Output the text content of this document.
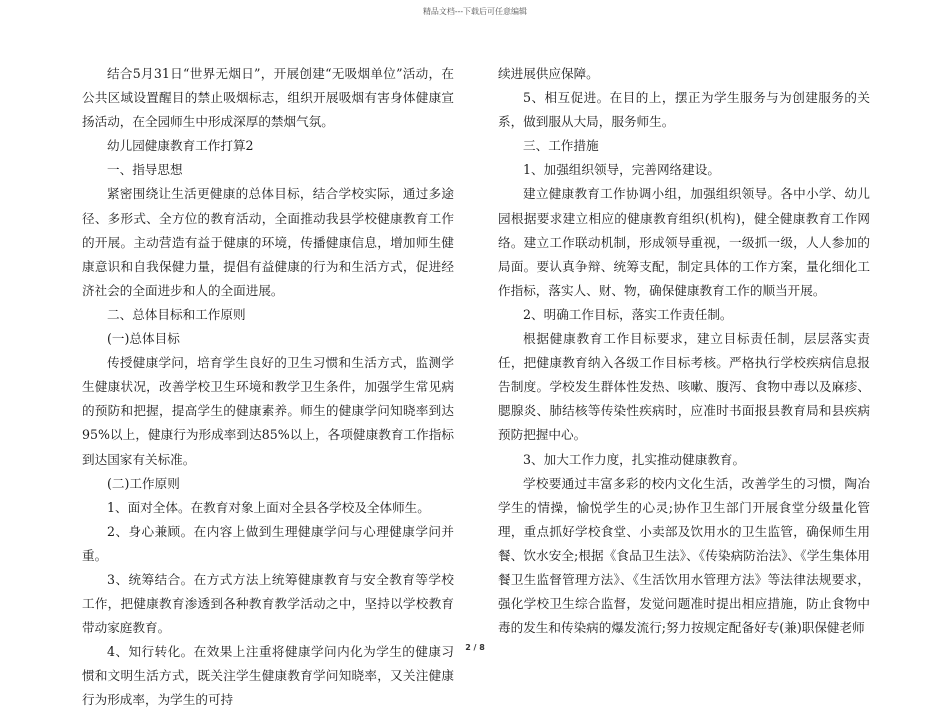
精品文档---下载后可任意编辑

结合5月31日“世界无烟日”，开展创建“无吸烟单位”活动，在公共区域设置醒目的禁止吸烟标志，组织开展吸烟有害身体健康宣扬活动，在全园师生中形成深厚的禁烟气氛。

幼儿园健康教育工作打算2

一、指导思想

紧密围绕让生活更健康的总体目标，结合学校实际，通过多途径、多形式、全方位的教育活动，全面推动我县学校健康教育工作的开展。主动营造有益于健康的环境，传播健康信息，增加师生健康意识和自我保健力量，提倡有益健康的行为和生活方式，促进经济社会的全面进步和人的全面进展。

二、总体目标和工作原则

(一)总体目标

传授健康学问，培育学生良好的卫生习惯和生活方式，监测学生健康状况，改善学校卫生环境和教学卫生条件，加强学生常见病的预防和把握，提高学生的健康素养。师生的健康学问知晓率到达95%以上，健康行为形成率到达85%以上，各项健康教育工作指标到达国家有关标准。

(二)工作原则

1、面对全体。在教育对象上面对全县各学校及全体师生。

2、身心兼顾。在内容上做到生理健康学问与心理健康学问并重。

3、统筹结合。在方式方法上统筹健康教育与安全教育等学校工作，把健康教育渗透到各种教育教学活动之中，坚持以学校教育带动家庭教育。

4、知行转化。在效果上注重将健康学问内化为学生的健康习惯和文明生活方式，既关注学生健康教育学问知晓率，又关注健康行为形成率，为学生的可持

续进展供应保障。

5、相互促进。在目的上，摆正为学生服务与为创建服务的关系，做到服从大局，服务师生。

三、工作措施

1、加强组织领导，完善网络建设。

建立健康教育工作协调小组，加强组织领导。各中小学、幼儿园根据要求建立相应的健康教育组织(机构)，健全健康教育工作网络。建立工作联动机制，形成领导重视，一级抓一级，人人参加的局面。要认真争辩、统筹支配，制定具体的工作方案，量化细化工作指标，落实人、财、物，确保健康教育工作的顺当开展。

2、明确工作目标，落实工作责任制。

根据健康教育工作目标要求，建立目标责任制，层层落实责任，把健康教育纳入各级工作目标考核。严格执行学校疾病信息报告制度。学校发生群体性发热、咳嗽、腹泻、食物中毒以及麻疹、腮腺炎、肺结核等传染性疾病时，应准时书面报县教育局和县疾病预防把握中心。

3、加大工作力度，扎实推动健康教育。

学校要通过丰富多彩的校内文化生活，改善学生的习惯，陶冶学生的情操，愉悦学生的心灵;协作卫生部门开展食堂分级量化管理，重点抓好学校食堂、小卖部及饮用水的卫生监管，确保师生用餐、饮水安全;根据《食品卫生法》、《传染病防治法》、《学生集体用餐卫生监督管理方法》、《生活饮用水管理方法》等法律法规要求，强化学校卫生综合监督，发觉问题准时提出相应措施，防止食物中毒的发生和传染病的爆发流行;努力按规定配备好专(兼)职保健老师

2 / 8
